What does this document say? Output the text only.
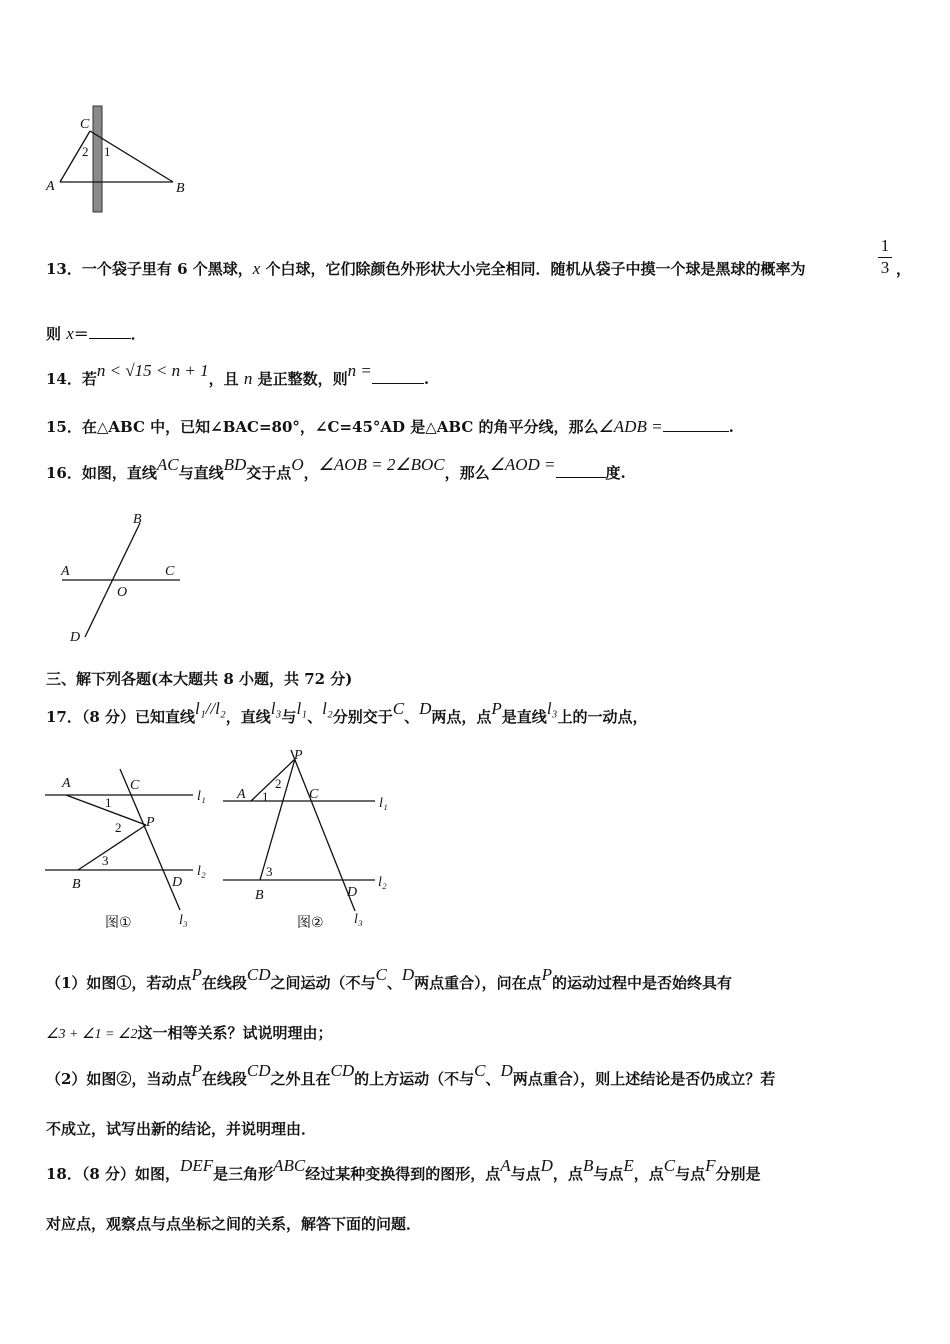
C
A	B
2 1
13．一个袋子里有 6 个黑球，x 个白球，它们除颜色外形状大小完全相同．随机从袋子中摸一个球是黑球的概率为	$\frac{1}{3}$ ，
则 x＝	．
14．若n < √15 < n + 1，且 n 是正整数，则n =	.
15．在△ABC 中，已知∠BAC=80°，∠C=45°AD 是△ABC 的角平分线，那么∠ADB =	.
16．如图，直线AC与直线BD交于点O，∠AOB = 2∠BOC，那么∠AOD =	度.
B
A	C
O
D
三、解下列各题(本大题共 8 小题，共 72 分)
17．（8 分）已知直线l₁//l₂，直线l₃与l₁、l₂分别交于C、D两点，点P是直线l₃上的一动点，
A	C
l₁
1
2 P
3
l₂
B	D
图①	l₃
P
2
A 1	C
l₁
3
l₂
B	D
图② l₃
（1）如图①，若动点P在线段CD之间运动（不与C、D两点重合），问在点P的运动过程中是否始终具有
∠3 + ∠1 = ∠2这一相等关系？试说明理由；
（2）如图②，当动点P在线段CD之外且在CD的上方运动（不与C、D两点重合），则上述结论是否仍成立？若
不成立，试写出新的结论，并说明理由．
18．（8 分）如图，DEF是三角形ABC经过某种变换得到的图形，点A与点D，点B与点E，点C与点F分别是
对应点，观察点与点坐标之间的关系，解答下面的问题．
